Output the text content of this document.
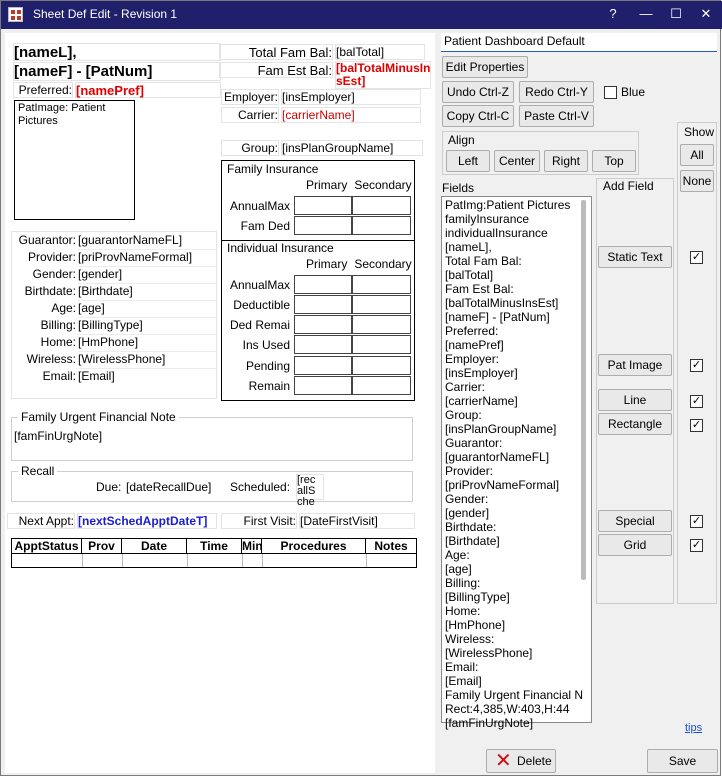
Sheet Def Edit - Revision 1	?	—	☐	✕
[nameL],
[nameF] - [PatNum]
Preferred: [namePref]
PatImage: Patient Pictures
Total Fam Bal: [balTotal]
Fam Est Bal: [balTotalMinusIn
sEst]
Employer: [insEmployer]
Carrier: [carrierName]
Group: [insPlanGroupName]
Family Insurance
Primary Secondary
AnnualMax
Fam Ded
Individual Insurance
Primary Secondary
AnnualMax
Deductible
Ded Remai
Ins Used
Pending
Remain
Guarantor: [guarantorNameFL]
Provider: [priProvNameFormal]
Gender: [gender]
Birthdate: [Birthdate]
Age: [age]
Billing: [BillingType]
Home: [HmPhone]
Wireless: [WirelessPhone]
Email: [Email]
Family Urgent Financial Note
[famFinUrgNote]
Recall
Due: [dateRecallDue]	Scheduled: [rec
allS
che
Next Appt: [nextSchedApptDateT]	First Visit: [DateFirstVisit]
ApptStatus Prov	Date	Time	Min	Procedures	Notes
Patient Dashboard Default
Edit Properties
Undo Ctrl-Z	Redo Ctrl-Y	Blue
Copy Ctrl-C	Paste Ctrl-V
Align
Left	Center	Right	Top
Show
All
None
Fields
PatImg:Patient Pictures
familyInsurance
individualInsurance
[nameL],
Total Fam Bal:
[balTotal]
Fam Est Bal:
[balTotalMinusInsEst]
[nameF] - [PatNum]
Preferred:
[namePref]
Employer:
[insEmployer]
Carrier:
[carrierName]
Group:
[insPlanGroupName]
Guarantor:
[guarantorNameFL]
Provider:
[priProvNameFormal]
Gender:
[gender]
Birthdate:
[Birthdate]
Age:
[age]
Billing:
[BillingType]
Home:
[HmPhone]
Wireless:
[WirelessPhone]
Email:
[Email]
Family Urgent Financial N
Rect:4,385,W:403,H:44
[famFinUrgNote]
Add Field
Static Text
Pat Image
Line
Rectangle
Special
Grid
✓
✓
✓
✓
✓
✓
tips
✕ Delete	Save
